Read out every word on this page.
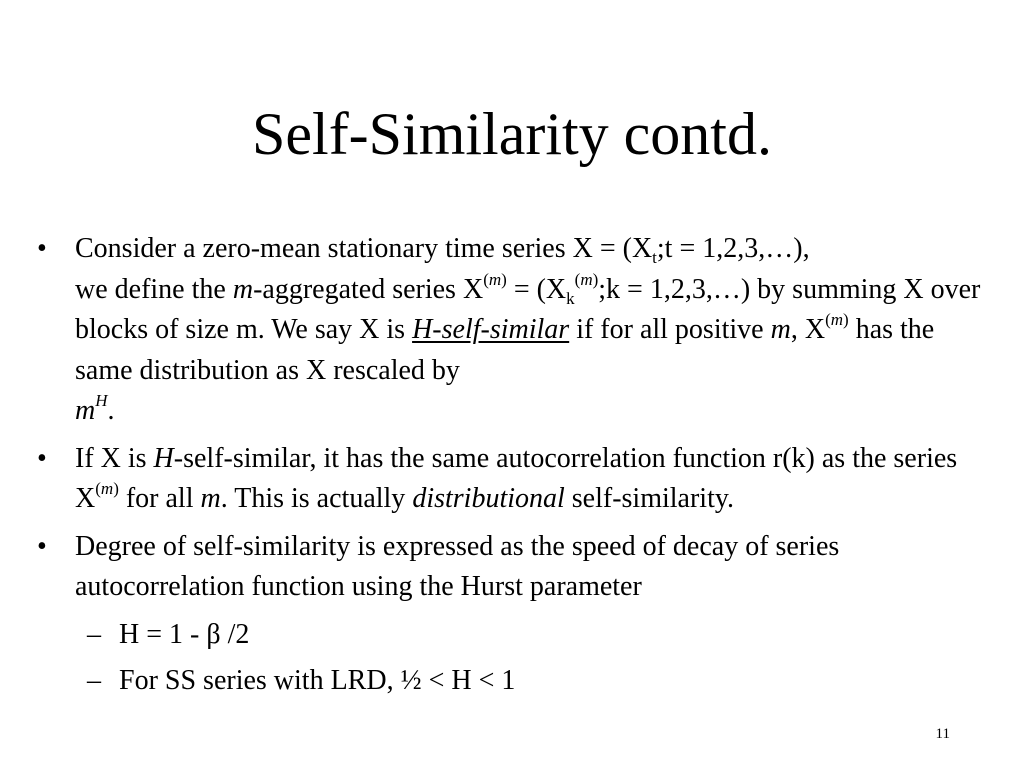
Self-Similarity contd.
• Consider a zero-mean stationary time series $X = (X_t;t$ = 1,2,3,…),
we define the m-aggregated series $X^{(m)}$ = ($X_k^{(m)};k$ = 1,2,3,…) by summing X over blocks of size m. We say X is H-self-similar if for all positive m, $X^{(m)}$ has the same distribution as X rescaled by
$m^H$.
• If X is H-self-similar, it has the same autocorrelation function r(k) as the series $X^{(m)}$ for all m. This is actually distributional self-similarity.
• Degree of self-similarity is expressed as the speed of decay of series autocorrelation function using the Hurst parameter
– H = 1 - β /2
– For SS series with LRD, ½ < H < 1
11
